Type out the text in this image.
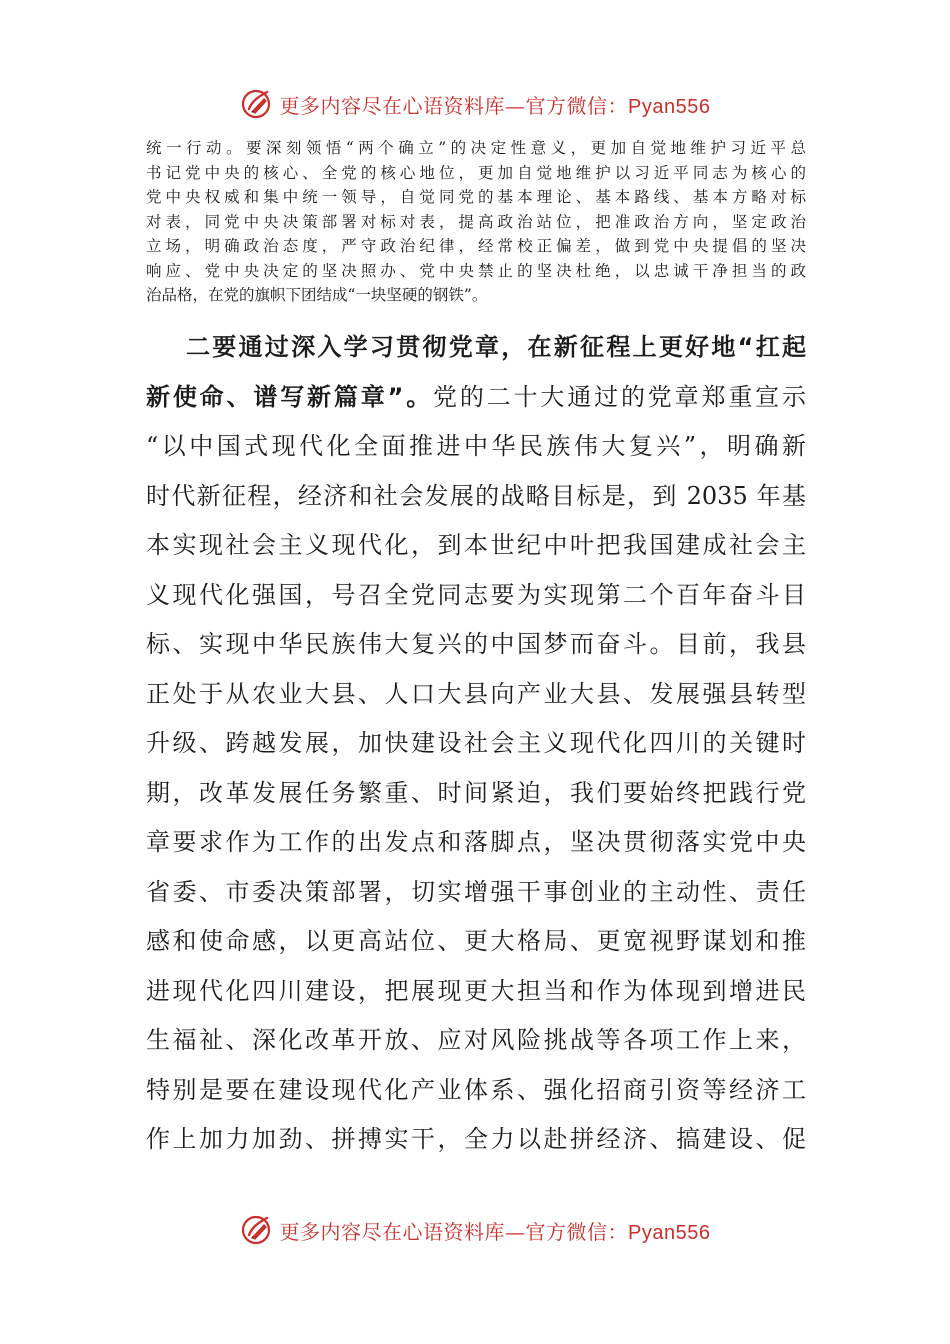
更多内容尽在心语资料库—官方微信：Pyan556
统一行动。要深刻领悟“两个确立”的决定性意义，更加自觉地维护习近平总
书记党中央的核心、全党的核心地位，更加自觉地维护以习近平同志为核心的
党中央权威和集中统一领导，自觉同党的基本理论、基本路线、基本方略对标
对表，同党中央决策部署对标对表，提高政治站位，把准政治方向，坚定政治
立场，明确政治态度，严守政治纪律，经常校正偏差，做到党中央提倡的坚决
响应、党中央决定的坚决照办、党中央禁止的坚决杜绝，以忠诚干净担当的政
治品格，在党的旗帜下团结成“一块坚硬的钢铁”。
二要通过深入学习贯彻党章，在新征程上更好地“扛起
新使命、谱写新篇章”。党的二十大通过的党章郑重宣示
“以中国式现代化全面推进中华民族伟大复兴”，明确新
时代新征程，经济和社会发展的战略目标是，到 2035 年基
本实现社会主义现代化，到本世纪中叶把我国建成社会主
义现代化强国，号召全党同志要为实现第二个百年奋斗目
标、实现中华民族伟大复兴的中国梦而奋斗。目前，我县
正处于从农业大县、人口大县向产业大县、发展强县转型
升级、跨越发展，加快建设社会主义现代化四川的关键时
期，改革发展任务繁重、时间紧迫，我们要始终把践行党
章要求作为工作的出发点和落脚点，坚决贯彻落实党中央
省委、市委决策部署，切实增强干事创业的主动性、责任
感和使命感，以更高站位、更大格局、更宽视野谋划和推
进现代化四川建设，把展现更大担当和作为体现到增进民
生福祉、深化改革开放、应对风险挑战等各项工作上来，
特别是要在建设现代化产业体系、强化招商引资等经济工
作上加力加劲、拼搏实干，全力以赴拼经济、搞建设、促
更多内容尽在心语资料库—官方微信：Pyan556
